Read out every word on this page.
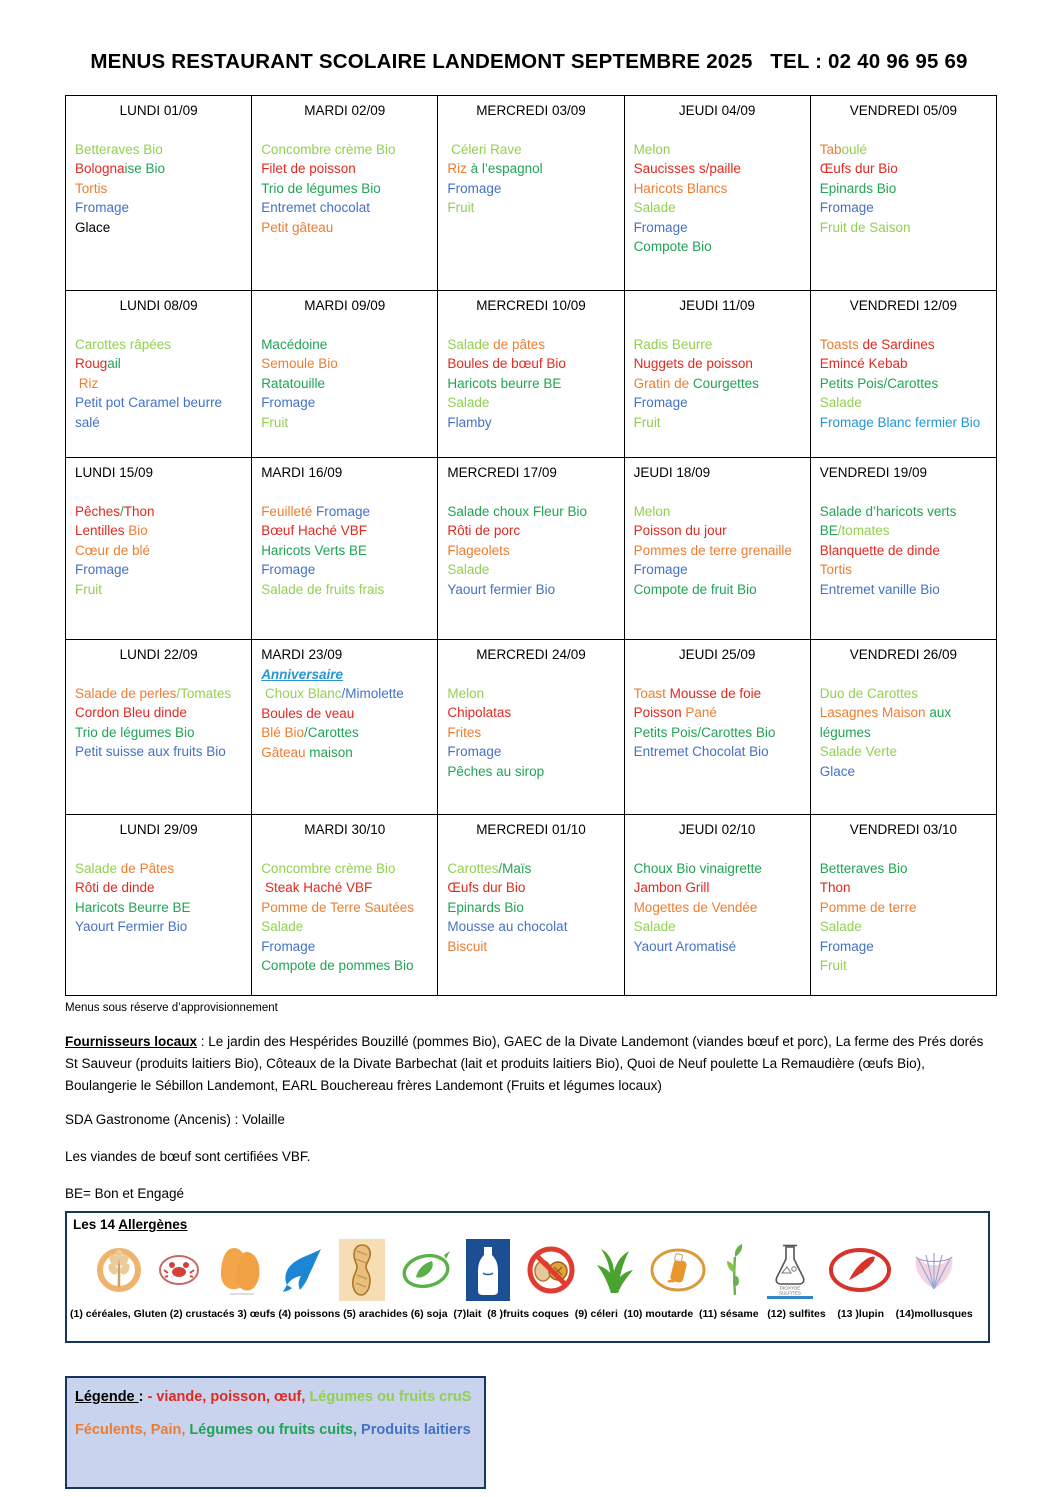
MENUS RESTAURANT SCOLAIRE LANDEMONT SEPTEMBRE 2025   TEL : 02 40 96 95 69
LUNDI 01/09
Betteraves Bio
Bolognaise Bio
Tortis
Fromage
Glace
MARDI 02/09
Concombre crème Bio
Filet de poisson
Trio de légumes Bio
Entremet chocolat
Petit gâteau
MERCREDI 03/09
Céleri Rave
Riz à l’espagnol
Fromage
Fruit
JEUDI 04/09
Melon
Saucisses s/paille
Haricots Blancs
Salade
Fromage
Compote Bio
VENDREDI 05/09
Taboulé
Œufs dur Bio
Epinards Bio
Fromage
Fruit de Saison
LUNDI 08/09
Carottes râpées
Rougail
Riz
Petit pot Caramel beurre salé
MARDI 09/09
Macédoine
Semoule Bio
Ratatouille
Fromage
Fruit
MERCREDI 10/09
Salade de pâtes
Boules de bœuf Bio
Haricots beurre BE
Salade
Flamby
JEUDI 11/09
Radis Beurre
Nuggets de poisson
Gratin de Courgettes
Fromage
Fruit
VENDREDI 12/09
Toasts de Sardines
Emincé Kebab
Petits Pois/Carottes
Salade
Fromage Blanc fermier Bio
LUNDI 15/09
Pêches/Thon
Lentilles Bio
Cœur de blé
Fromage
Fruit
MARDI 16/09
Feuilleté Fromage
Bœuf Haché VBF
Haricots Verts BE
Fromage
Salade de fruits frais
MERCREDI 17/09
Salade choux Fleur Bio
Rôti de porc
Flageolets
Salade
Yaourt fermier Bio
JEUDI 18/09
Melon
Poisson du jour
Pommes de terre grenaille
Fromage
Compote de fruit Bio
VENDREDI 19/09
Salade d’haricots verts BE/tomates
Blanquette de dinde
Tortis
Entremet vanille Bio
LUNDI 22/09
Salade de perles/Tomates
Cordon Bleu dinde
Trio de légumes Bio
Petit suisse aux fruits Bio
MARDI 23/09
Anniversaire
Choux Blanc/Mimolette
Boules de veau
Blé Bio/Carottes
Gâteau maison
MERCREDI 24/09
Melon
Chipolatas
Frites
Fromage
Pêches au sirop
JEUDI 25/09
Toast Mousse de foie
Poisson Pané
Petits Pois/Carottes Bio
Entremet Chocolat Bio
VENDREDI 26/09
Duo de Carottes
Lasagnes Maison aux légumes
Salade Verte
Glace
LUNDI 29/09
Salade de Pâtes
Rôti de dinde
Haricots Beurre BE
Yaourt Fermier Bio
MARDI 30/10
Concombre crème Bio
Steak Haché VBF
Pomme de Terre Sautées
Salade
Fromage
Compote de pommes Bio
MERCREDI 01/10
Carottes/Maïs
Œufs dur Bio
Epinards Bio
Mousse au chocolat
Biscuit
JEUDI 02/10
Choux Bio vinaigrette
Jambon Grill
Mogettes de Vendée
Salade
Yaourt Aromatisé
VENDREDI 03/10
Betteraves Bio
Thon
Pomme de terre
Salade
Fromage
Fruit
Menus sous réserve d’approvisionnement
Fournisseurs locaux : Le jardin des Hespérides Bouzillé (pommes Bio), GAEC de la Divate Landemont (viandes bœuf et porc), La ferme des Prés dorés St Sauveur (produits laitiers Bio), Côteaux de la Divate Barbechat (lait et produits laitiers Bio), Quoi de Neuf poulette La Remaudière (œufs Bio), Boulangerie le Sébillon Landemont, EARL Bouchereau frères Landemont (Fruits et légumes locaux)
SDA Gastronome (Ancenis) : Volaille
Les viandes de bœuf sont certifiées VBF.
BE= Bon et Engagé
Les 14 Allergènes
DIOXYDE
SULFITES
(1) céréales, Gluten (2) crustacés 3) œufs (4) poissons (5) arachides (6) soja  (7)lait  (8 )fruits coques  (9) céleri  (10) moutarde  (11) sésame   (12) sulfites    (13 )lupin    (14)mollusques
Légende : - viande, poisson, œuf, Légumes ou fruits cruS
Féculents, Pain, Légumes ou fruits cuits, Produits laitiers
